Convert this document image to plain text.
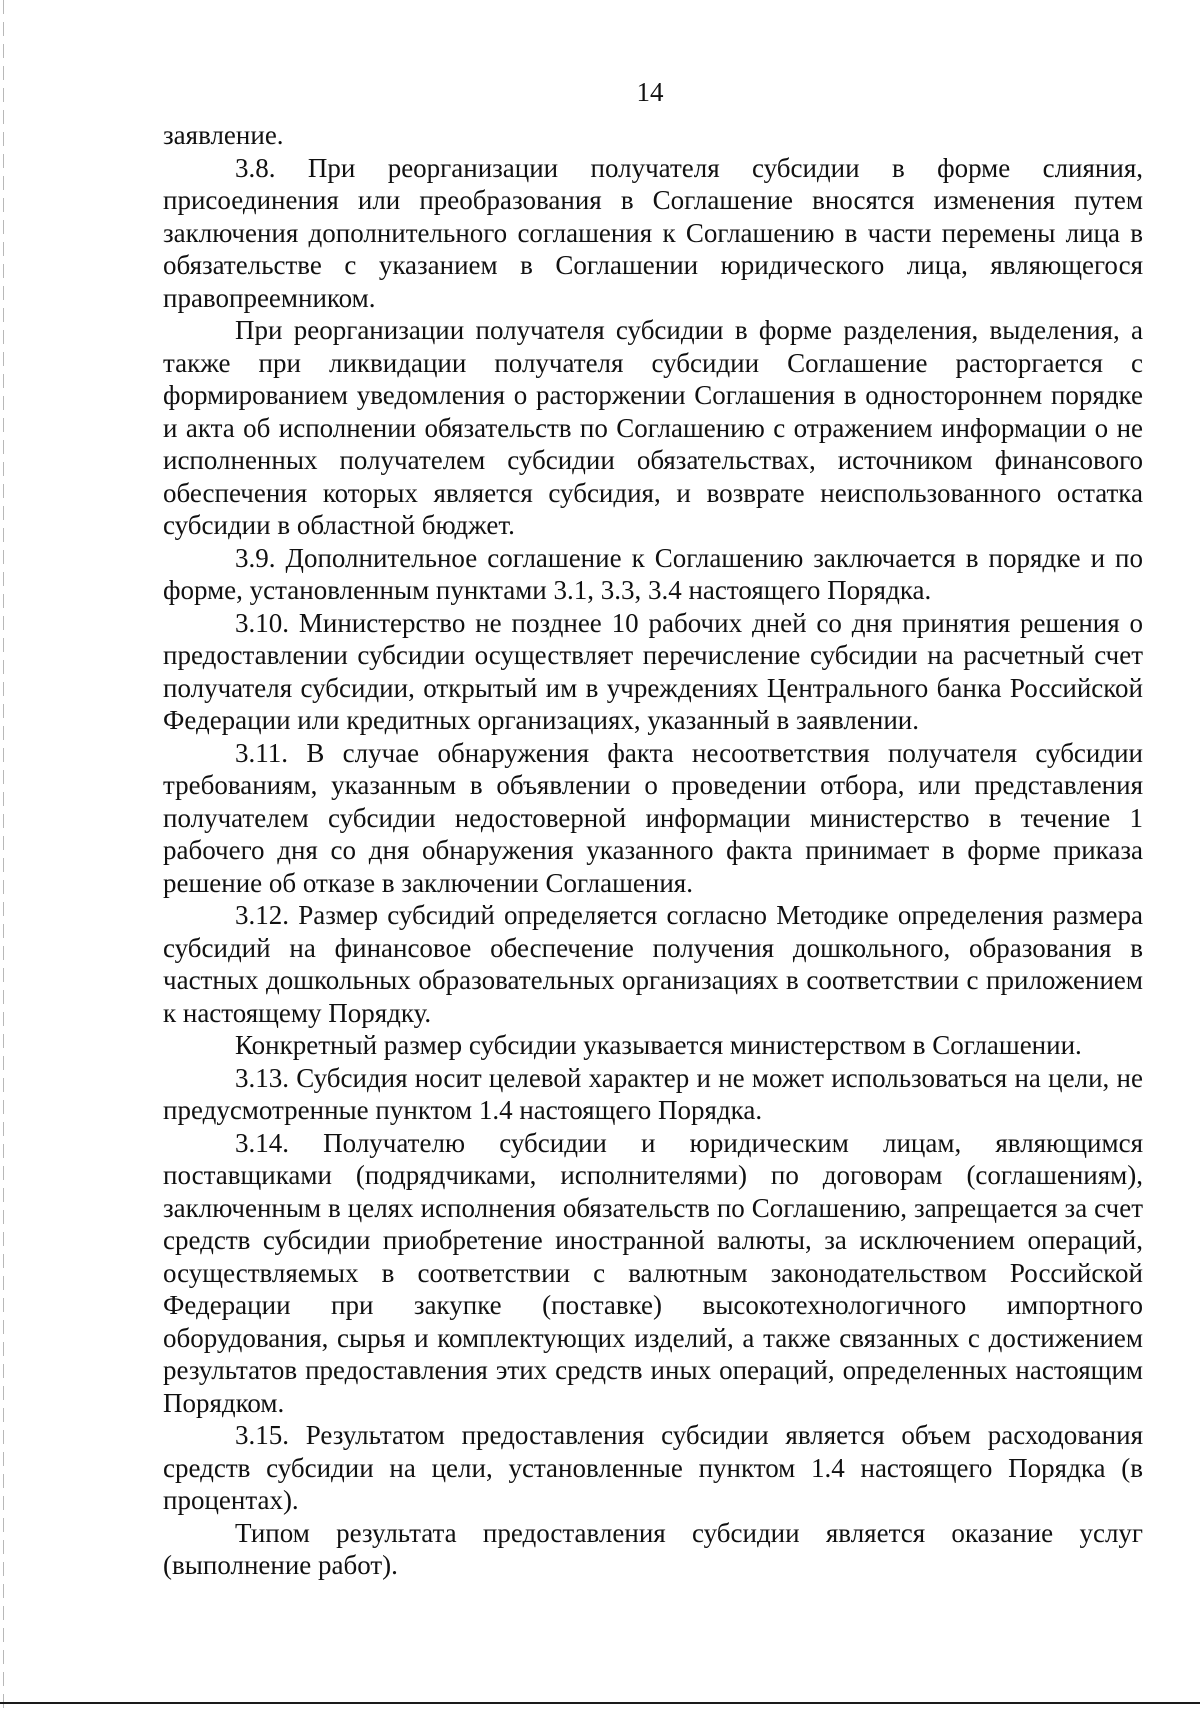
14

заявление.

3.8. При реорганизации получателя субсидии в форме слияния, присоединения или преобразования в Соглашение вносятся изменения путем заключения дополнительного соглашения к Соглашению в части перемены лица в обязательстве с указанием в Соглашении юридического лица, являющегося правопреемником.

При реорганизации получателя субсидии в форме разделения, выделения, а также при ликвидации получателя субсидии Соглашение расторгается с формированием уведомления о расторжении Соглашения в одностороннем порядке и акта об исполнении обязательств по Соглашению с отражением информации о не исполненных получателем субсидии обязательствах, источником финансового обеспечения которых является субсидия, и возврате неиспользованного остатка субсидии в областной бюджет.

3.9. Дополнительное соглашение к Соглашению заключается в порядке и по форме, установленным пунктами 3.1, 3.3, 3.4 настоящего Порядка.

3.10. Министерство не позднее 10 рабочих дней со дня принятия решения о предоставлении субсидии осуществляет перечисление субсидии на расчетный счет получателя субсидии, открытый им в учреждениях Центрального банка Российской Федерации или кредитных организациях, указанный в заявлении.

3.11. В случае обнаружения факта несоответствия получателя субсидии требованиям, указанным в объявлении о проведении отбора, или представления получателем субсидии недостоверной информации министерство в течение 1 рабочего дня со дня обнаружения указанного факта принимает в форме приказа решение об отказе в заключении Соглашения.

3.12. Размер субсидий определяется согласно Методике определения размера субсидий на финансовое обеспечение получения дошкольного, образования в частных дошкольных образовательных организациях в соответствии с приложением к настоящему Порядку.

Конкретный размер субсидии указывается министерством в Соглашении.

3.13. Субсидия носит целевой характер и не может использоваться на цели, не предусмотренные пунктом 1.4 настоящего Порядка.

3.14. Получателю субсидии и юридическим лицам, являющимся поставщиками (подрядчиками, исполнителями) по договорам (соглашениям), заключенным в целях исполнения обязательств по Соглашению, запрещается за счет средств субсидии приобретение иностранной валюты, за исключением операций, осуществляемых в соответствии с валютным законодательством Российской Федерации при закупке (поставке) высокотехнологичного импортного оборудования, сырья и комплектующих изделий, а также связанных с достижением результатов предоставления этих средств иных операций, определенных настоящим Порядком.

3.15. Результатом предоставления субсидии является объем расходования средств субсидии на цели, установленные пунктом 1.4 настоящего Порядка (в процентах).

Типом результата предоставления субсидии является оказание услуг (выполнение работ).
